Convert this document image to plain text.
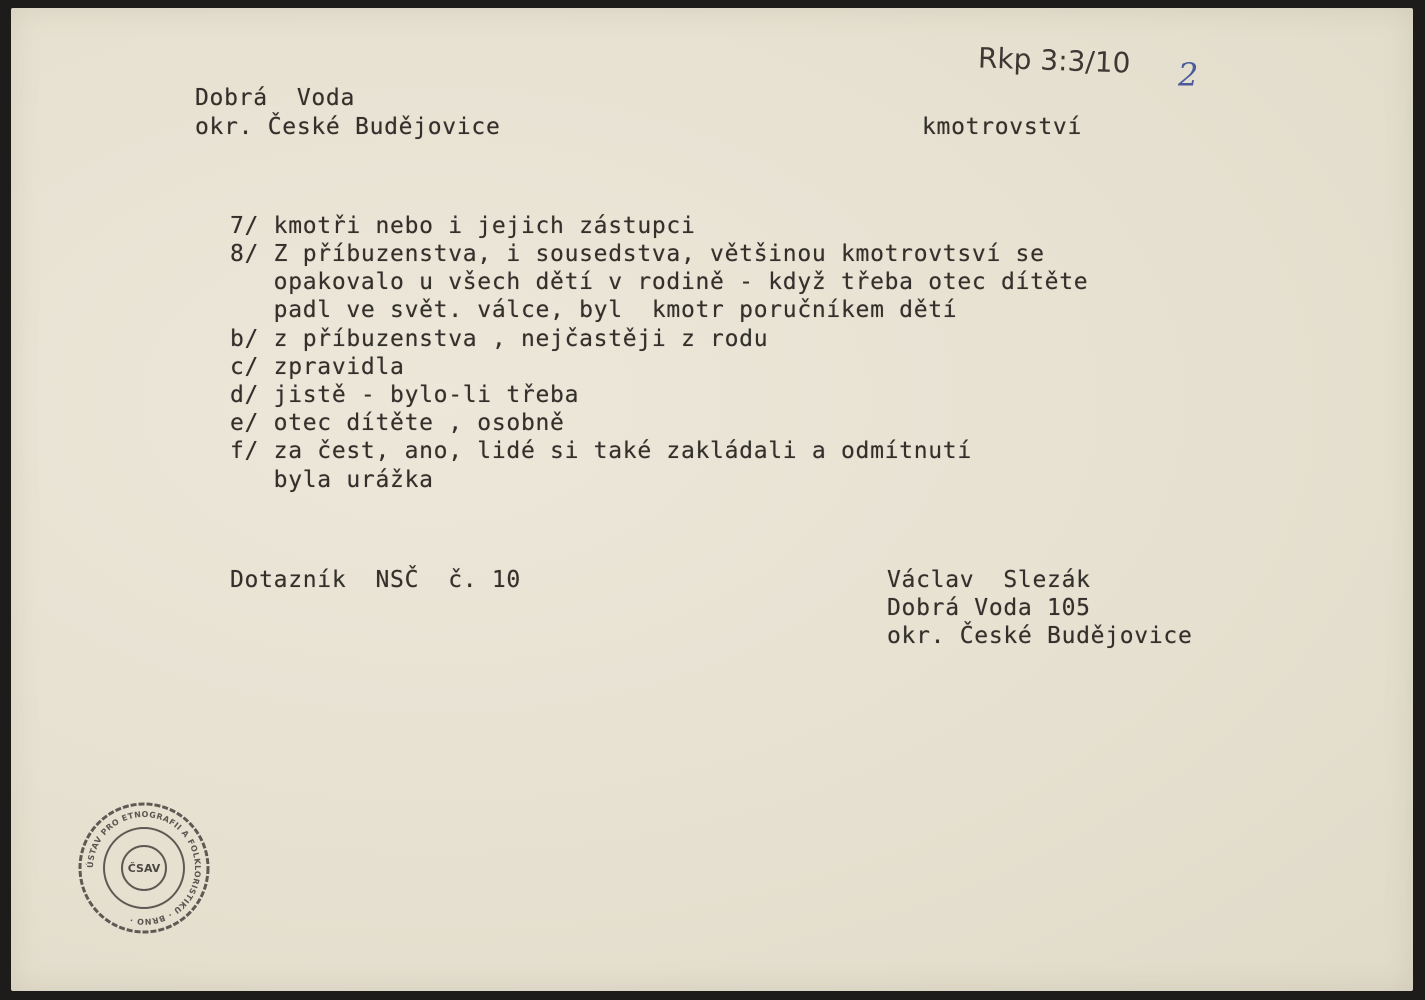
Rkp 3:3/10 2

Dobrá  Voda

okr. České Budějovice	kmotrovství

7/ kmotři nebo i jejich zástupci

8/ Z příbuzenstva, i sousedstva, většinou kmotrovtsví se

opakovalo u všech dětí v rodině - když třeba otec dítěte

padl ve svět. válce, byl  kmotr poručníkem dětí

b/ z příbuzenstva , nejčastěji z rodu

c/ zpravidla

d/ jistě - bylo-li třeba

e/ otec dítěte , osobně

f/ za čest, ano, lidé si také zakládali a odmítnutí

byla urážka

Dotazník  NSČ  č. 10	Václav  Slezák

Dobrá Voda 105

okr. České Budějovice

ÚSTAV PRO ETNOGRAFII A FOLKLORISTIKU · BRNO ·
ČSAV
